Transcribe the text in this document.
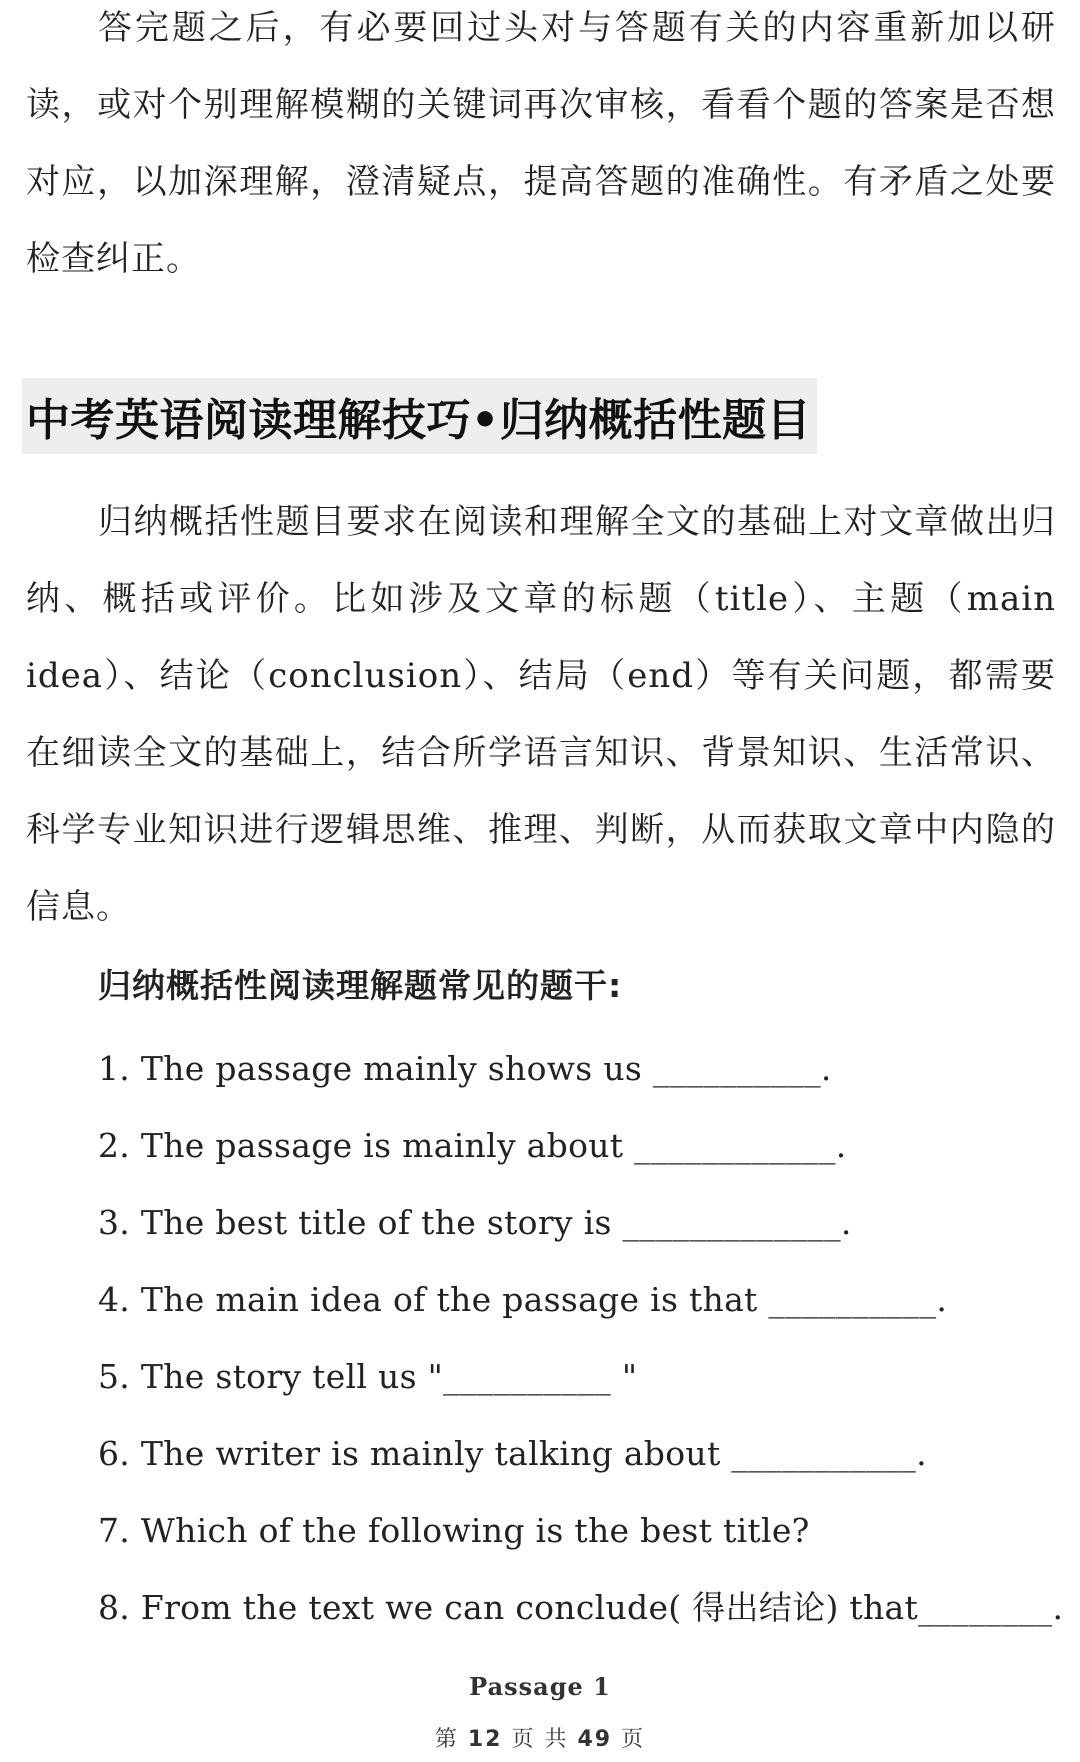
答完题之后，有必要回过头对与答题有关的内容重新加以研读，或对个别理解模糊的关键词再次审核，看看个题的答案是否想对应，以加深理解，澄清疑点，提高答题的准确性。有矛盾之处要检查纠正。

中考英语阅读理解技巧•归纳概括性题目

归纳概括性题目要求在阅读和理解全文的基础上对文章做出归纳、概括或评价。比如涉及文章的标题（title）、主题（main idea）、结论（conclusion）、结局（end）等有关问题，都需要在细读全文的基础上，结合所学语言知识、背景知识、生活常识、科学专业知识进行逻辑思维、推理、判断，从而获取文章中内隐的信息。

归纳概括性阅读理解题常见的题干:
1. The passage mainly shows us __________.
2. The passage is mainly about ____________.
3. The best title of the story is _____________.
4. The main idea of the passage is that __________.
5. The story tell us "__________ "
6. The writer is mainly talking about ___________.
7. Which of the following is the best title?
8. From the text we can conclude( 得出结论) that________.
Passage 1
第 12 页 共 49 页
